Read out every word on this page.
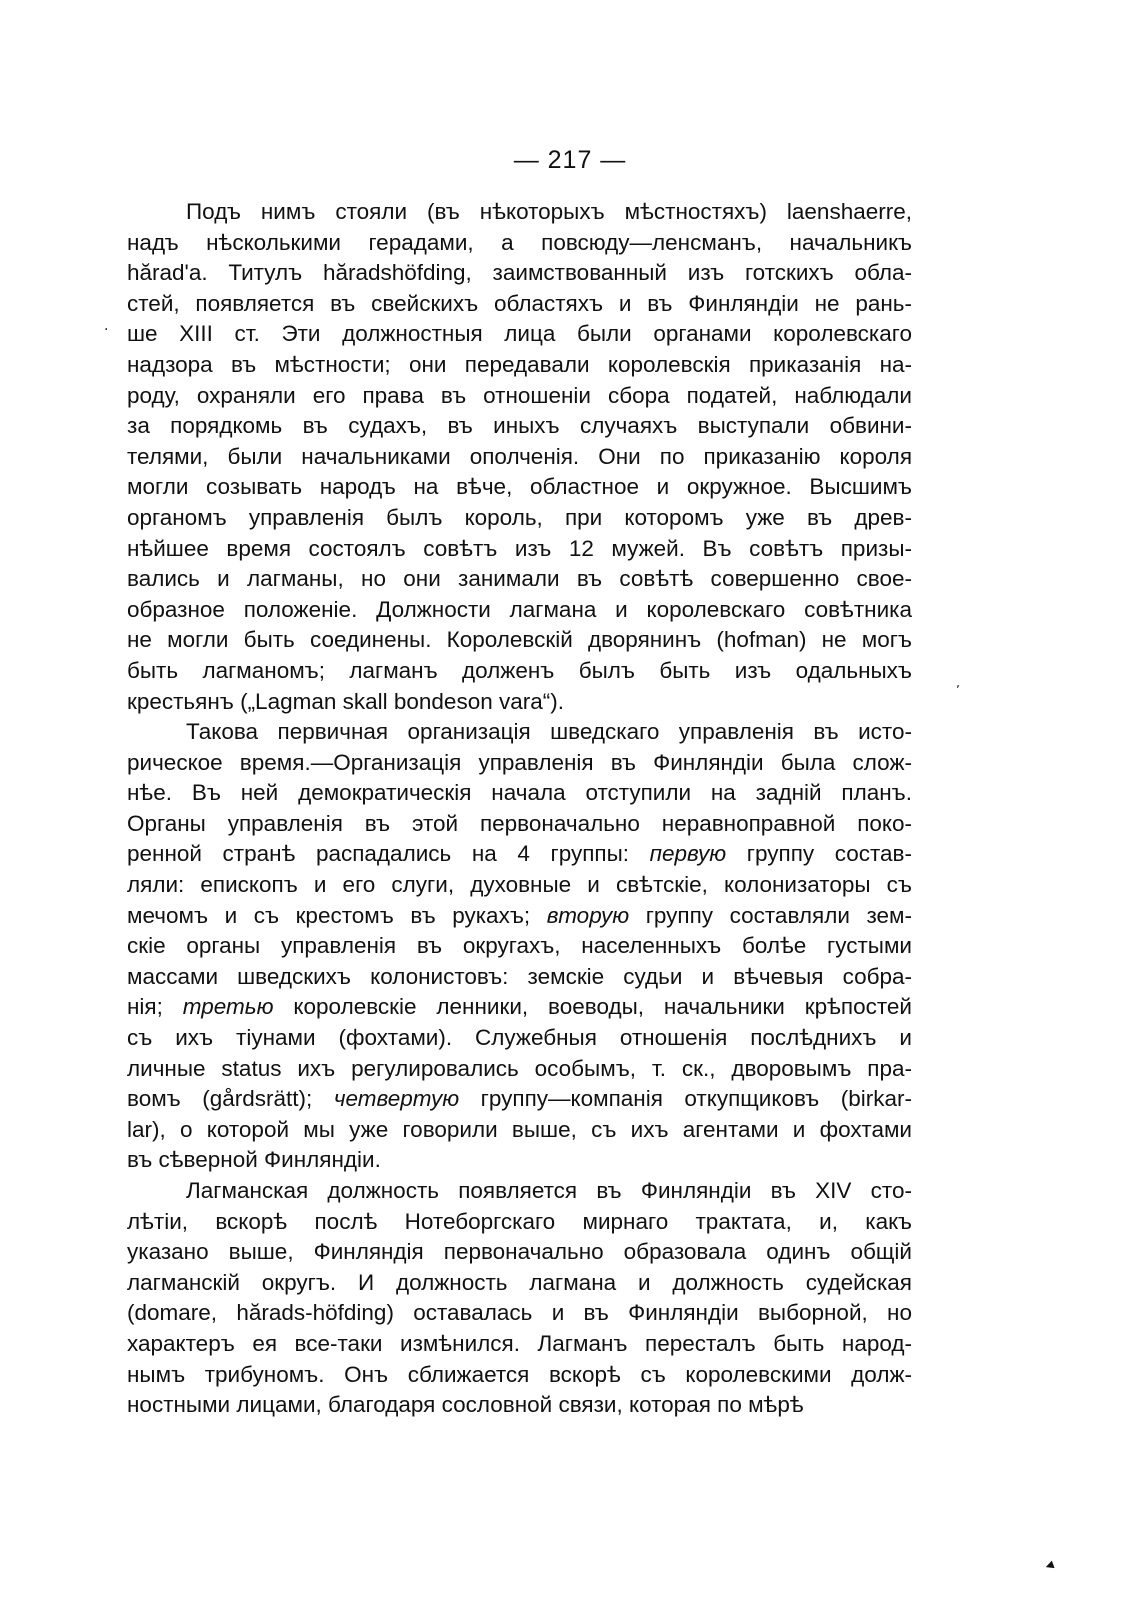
— 217 —
Подъ нимъ стояли (въ нѣкоторыхъ мѣстностяхъ) laenshaerre,
надъ нѣсколькими герадами, а повсюду—ленсманъ, начальникъ
hărad'a. Титулъ hăradshöfding, заимствованный изъ готскихъ обла-
стей, появляется въ свейскихъ областяхъ и въ Финляндіи не рань-
ше XIII ст. Эти должностныя лица были органами королевскаго
надзора въ мѣстности; они передавали королевскія приказанія на-
роду, охраняли его права въ отношеніи сбора податей, наблюдали
за порядкомь въ судахъ, въ иныхъ случаяхъ выступали обвини-
телями, были начальниками ополченія. Они по приказанію короля
могли созывать народъ на вѣче, областное и окружное. Высшимъ
органомъ управленія былъ король, при которомъ уже въ древ-
нѣйшее время состоялъ совѣтъ изъ 12 мужей. Въ совѣтъ призы-
вались и лагманы, но они занимали въ совѣтѣ совершенно свое-
образное положеніе. Должности лагмана и королевскаго совѣтника
не могли быть соединены. Королевскій дворянинъ (hofman) не могъ
быть лагманомъ; лагманъ долженъ былъ быть изъ одальныхъ
крестьянъ („Lagman skall bondeson vara“).
Такова первичная организація шведскаго управленія въ исто-
рическое время.—Организація управленія въ Финляндіи была слож-
нѣе. Въ ней демократическія начала отступили на задній планъ.
Органы управленія въ этой первоначально неравноправной поко-
ренной странѣ распадались на 4 группы: первую группу состав-
ляли: епископъ и его слуги, духовные и свѣтскіе, колонизаторы съ
мечомъ и съ крестомъ въ рукахъ; вторую группу составляли зем-
скіе органы управленія въ округахъ, населенныхъ болѣе густыми
массами шведскихъ колонистовъ: земскіе судьи и вѣчевыя собра-
нія; третью королевскіе ленники, воеводы, начальники крѣпостей
съ ихъ тіунами (фохтами). Служебныя отношенія послѣднихъ и
личные status ихъ регулировались особымъ, т. ск., дворовымъ пра-
вомъ (gårdsrätt); четвертую группу—компанія откупщиковъ (birkar-
lar), о которой мы уже говорили выше, съ ихъ агентами и фохтами
въ сѣверной Финляндіи.
Лагманская должность появляется въ Финляндіи въ XIV сто-
лѣтіи, вскорѣ послѣ Нотеборгскаго мирнаго трактата, и, какъ
указано выше, Финляндія первоначально образовала одинъ общій
лагманскій округъ. И должность лагмана и должность судейская
(domare, hărads-höfding) оставалась и въ Финляндіи выборной, но
характеръ ея все-таки измѣнился. Лагманъ пересталъ быть народ-
нымъ трибуномъ. Онъ сближается вскорѣ съ королевскими долж-
ностными лицами, благодаря сословной связи, которая по мѣрѣ
.
ʼ
◂
